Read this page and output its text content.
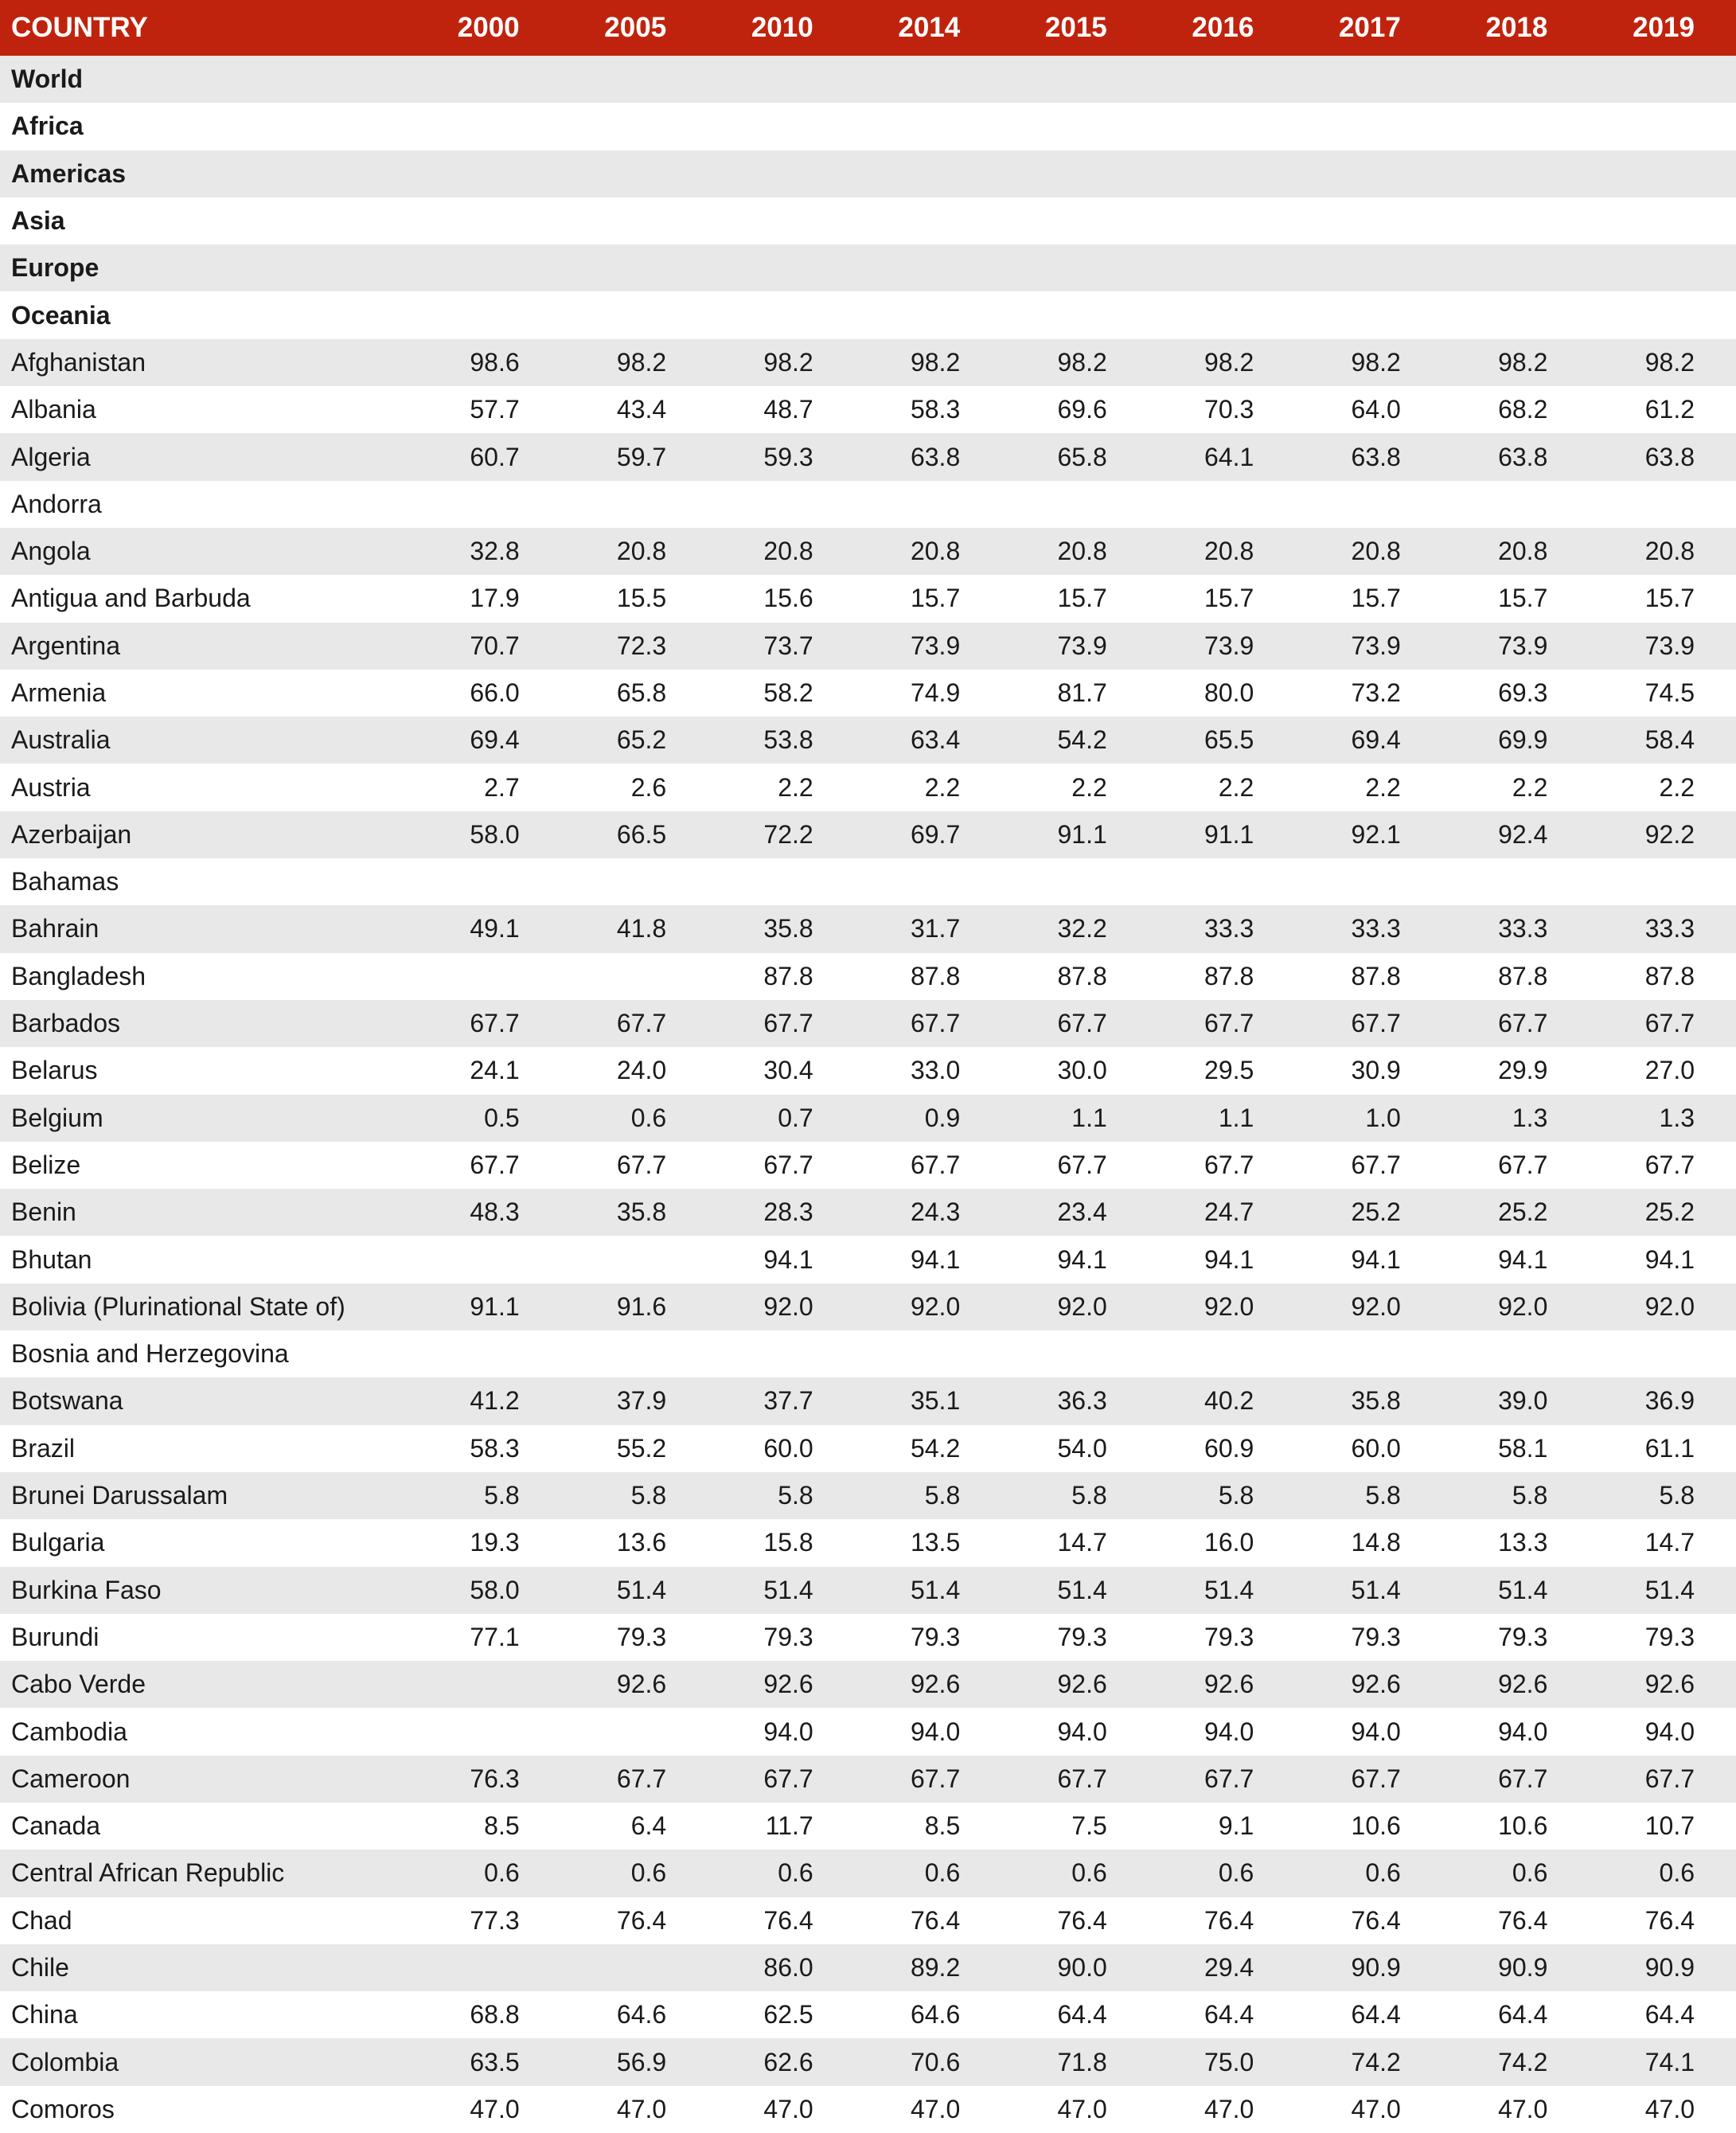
COUNTRY	2000	2005	2010	2014	2015	2016	2017	2018	2019
World									
Africa									
Americas									
Asia									
Europe									
Oceania									
Afghanistan	98.6	98.2	98.2	98.2	98.2	98.2	98.2	98.2	98.2
Albania	57.7	43.4	48.7	58.3	69.6	70.3	64.0	68.2	61.2
Algeria	60.7	59.7	59.3	63.8	65.8	64.1	63.8	63.8	63.8
Andorra									
Angola	32.8	20.8	20.8	20.8	20.8	20.8	20.8	20.8	20.8
Antigua and Barbuda	17.9	15.5	15.6	15.7	15.7	15.7	15.7	15.7	15.7
Argentina	70.7	72.3	73.7	73.9	73.9	73.9	73.9	73.9	73.9
Armenia	66.0	65.8	58.2	74.9	81.7	80.0	73.2	69.3	74.5
Australia	69.4	65.2	53.8	63.4	54.2	65.5	69.4	69.9	58.4
Austria	2.7	2.6	2.2	2.2	2.2	2.2	2.2	2.2	2.2
Azerbaijan	58.0	66.5	72.2	69.7	91.1	91.1	92.1	92.4	92.2
Bahamas									
Bahrain	49.1	41.8	35.8	31.7	32.2	33.3	33.3	33.3	33.3
Bangladesh			87.8	87.8	87.8	87.8	87.8	87.8	87.8
Barbados	67.7	67.7	67.7	67.7	67.7	67.7	67.7	67.7	67.7
Belarus	24.1	24.0	30.4	33.0	30.0	29.5	30.9	29.9	27.0
Belgium	0.5	0.6	0.7	0.9	1.1	1.1	1.0	1.3	1.3
Belize	67.7	67.7	67.7	67.7	67.7	67.7	67.7	67.7	67.7
Benin	48.3	35.8	28.3	24.3	23.4	24.7	25.2	25.2	25.2
Bhutan			94.1	94.1	94.1	94.1	94.1	94.1	94.1
Bolivia (Plurinational State of)	91.1	91.6	92.0	92.0	92.0	92.0	92.0	92.0	92.0
Bosnia and Herzegovina									
Botswana	41.2	37.9	37.7	35.1	36.3	40.2	35.8	39.0	36.9
Brazil	58.3	55.2	60.0	54.2	54.0	60.9	60.0	58.1	61.1
Brunei Darussalam	5.8	5.8	5.8	5.8	5.8	5.8	5.8	5.8	5.8
Bulgaria	19.3	13.6	15.8	13.5	14.7	16.0	14.8	13.3	14.7
Burkina Faso	58.0	51.4	51.4	51.4	51.4	51.4	51.4	51.4	51.4
Burundi	77.1	79.3	79.3	79.3	79.3	79.3	79.3	79.3	79.3
Cabo Verde		92.6	92.6	92.6	92.6	92.6	92.6	92.6	92.6
Cambodia			94.0	94.0	94.0	94.0	94.0	94.0	94.0
Cameroon	76.3	67.7	67.7	67.7	67.7	67.7	67.7	67.7	67.7
Canada	8.5	6.4	11.7	8.5	7.5	9.1	10.6	10.6	10.7
Central African Republic	0.6	0.6	0.6	0.6	0.6	0.6	0.6	0.6	0.6
Chad	77.3	76.4	76.4	76.4	76.4	76.4	76.4	76.4	76.4
Chile			86.0	89.2	90.0	29.4	90.9	90.9	90.9
China	68.8	64.6	62.5	64.6	64.4	64.4	64.4	64.4	64.4
Colombia	63.5	56.9	62.6	70.6	71.8	75.0	74.2	74.2	74.1
Comoros	47.0	47.0	47.0	47.0	47.0	47.0	47.0	47.0	47.0
